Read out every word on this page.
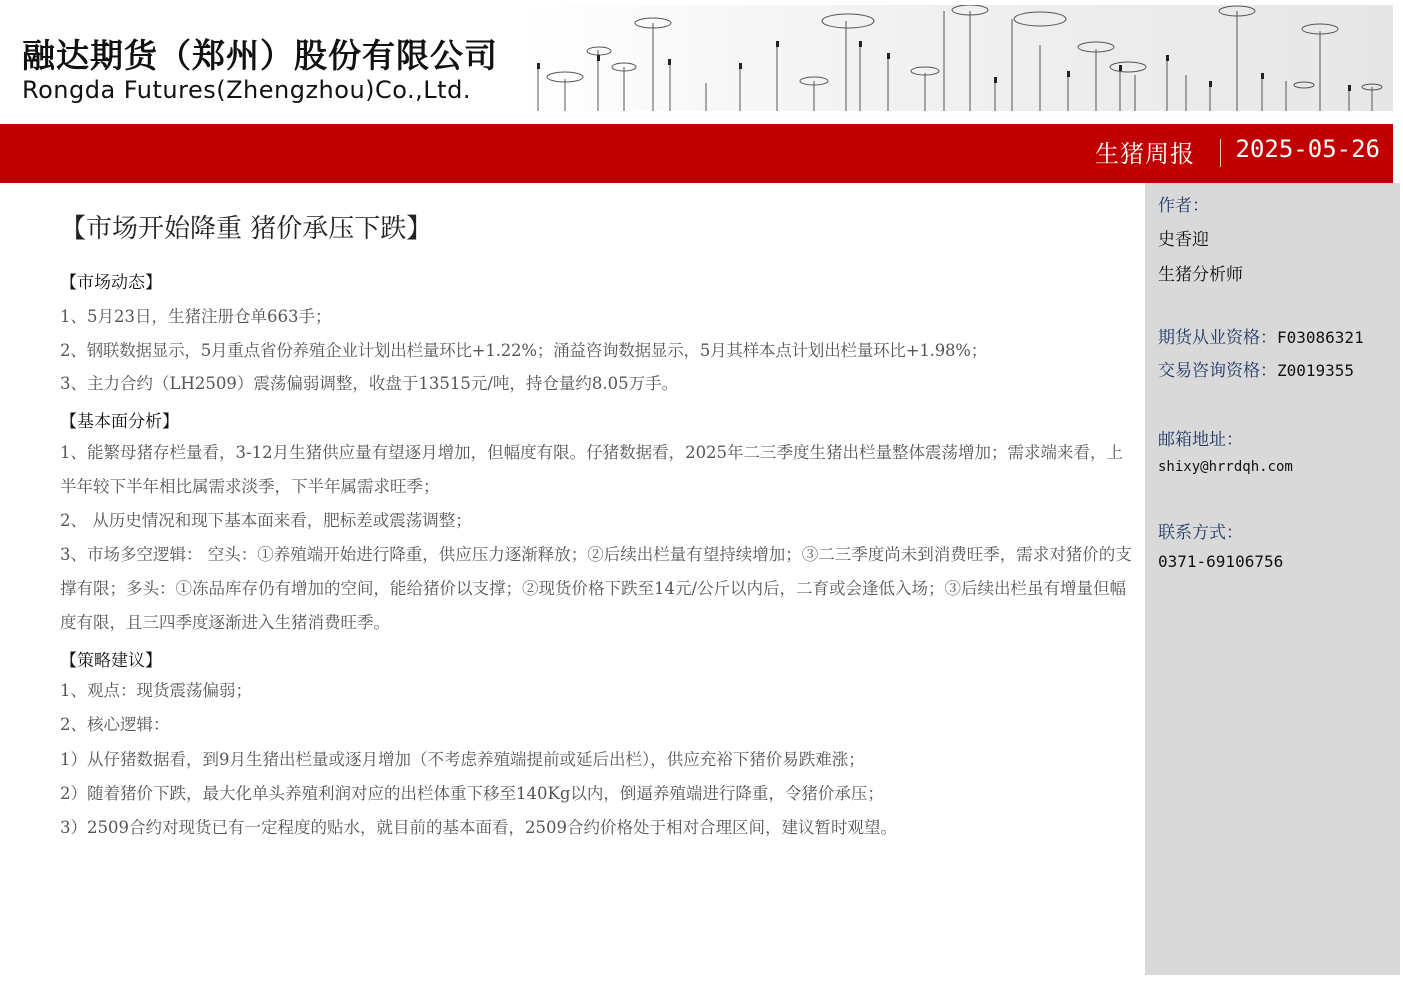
融达期货（郑州）股份有限公司
Rongda Futures(Zhengzhou)Co.,Ltd.
生猪周报 2025-05-26
作者：
史香迎
生猪分析师
期货从业资格：F03086321
交易咨询资格：Z0019355
邮箱地址：
shixy@hrrdqh.com
联系方式：
0371-69106756
【市场开始降重 猪价承压下跌】
【市场动态】
1、5月23日，生猪注册仓单663手；
2、钢联数据显示，5月重点省份养殖企业计划出栏量环比+1.22%；涌益咨询数据显示，5月其样本点计划出栏量环比+1.98%；
3、主力合约（LH2509）震荡偏弱调整，收盘于13515元/吨，持仓量约8.05万手。
【基本面分析】
1、能繁母猪存栏量看，3-12月生猪供应量有望逐月增加，但幅度有限。仔猪数据看，2025年二三季度生猪出栏量整体震荡增加；需求端来看，上半年较下半年相比属需求淡季，下半年属需求旺季；
2、 从历史情况和现下基本面来看，肥标差或震荡调整；
3、市场多空逻辑： 空头：①养殖端开始进行降重，供应压力逐渐释放；②后续出栏量有望持续增加；③二三季度尚未到消费旺季，需求对猪价的支撑有限；多头：①冻品库存仍有增加的空间，能给猪价以支撑；②现货价格下跌至14元/公斤以内后，二育或会逢低入场；③后续出栏虽有增量但幅度有限，且三四季度逐渐进入生猪消费旺季。
【策略建议】
1、观点：现货震荡偏弱；
2、核心逻辑：
1）从仔猪数据看，到9月生猪出栏量或逐月增加（不考虑养殖端提前或延后出栏），供应充裕下猪价易跌难涨；
2）随着猪价下跌，最大化单头养殖利润对应的出栏体重下移至140Kg以内，倒逼养殖端进行降重，令猪价承压；
3）2509合约对现货已有一定程度的贴水，就目前的基本面看，2509合约价格处于相对合理区间，建议暂时观望。
